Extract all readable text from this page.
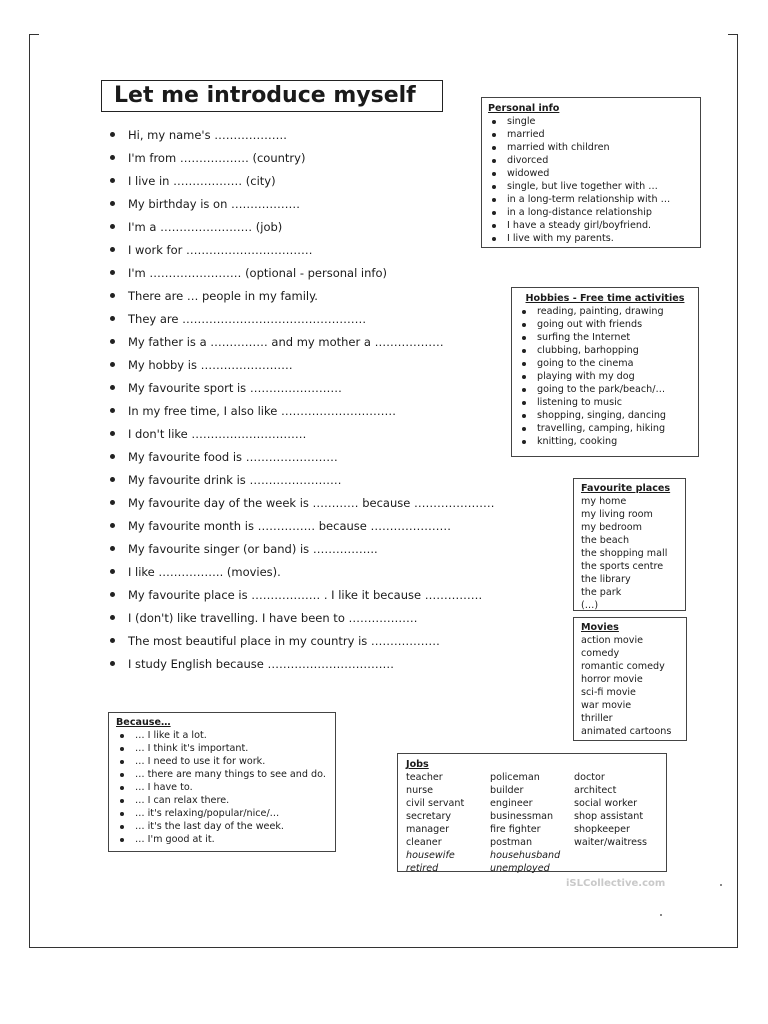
Let me introduce myself
Hi, my name's ……………….
I'm from ……………… (country)
I live in ……………… (city)
My birthday is on ………………
I'm a …………………… (job)
I work for ……………………………
I'm …………………… (optional - personal info)
There are … people in my family.
They are …………………………………………
My father is a …………… and my mother a ………………
My hobby is ……………………
My favourite sport is ……………………
In my free time, I also like …………………………
I don't like …………………………
My favourite food is ……………………
My favourite drink is ……………………
My favourite day of the week is ………… because …………………
My favourite month is …………… because …………………
My favourite singer (or band) is ……………..
I like …………….. (movies).
My favourite place is ……………… . I like it because ……………
I (don't) like travelling. I have been to ………………
The most beautiful place in my country is ………………
I study English because ……………………………
Personal info
single
married
married with children
divorced
widowed
single, but live together with …
in a long-term relationship with …
in a long-distance relationship
I have a steady girl/boyfriend.
I live with my parents.
Hobbies - Free time activities
reading, painting, drawing
going out with friends
surfing the Internet
clubbing, barhopping
going to the cinema
playing with my dog
going to the park/beach/…
listening to music
shopping, singing, dancing
travelling, camping, hiking
knitting, cooking
Favourite places
my home
my living room
my bedroom
the beach
the shopping mall
the sports centre
the library
the park
(…)
Movies
action movie
comedy
romantic comedy
horror movie
sci-fi movie
war movie
thriller
animated cartoons
Because…
… I like it a lot.
… I think it's important.
… I need to use it for work.
… there are many things to see and do.
… I have to.
… I can relax there.
… it's relaxing/popular/nice/…
… it's the last day of the week.
… I'm good at it.
Jobs
teacher
nurse
civil servant
secretary
manager
cleaner
housewife
retired
policeman
builder
engineer
businessman
fire fighter
postman
househusband
unemployed
doctor
architect
social worker
shop assistant
shopkeeper
waiter/waitress
iSLCollective.com
